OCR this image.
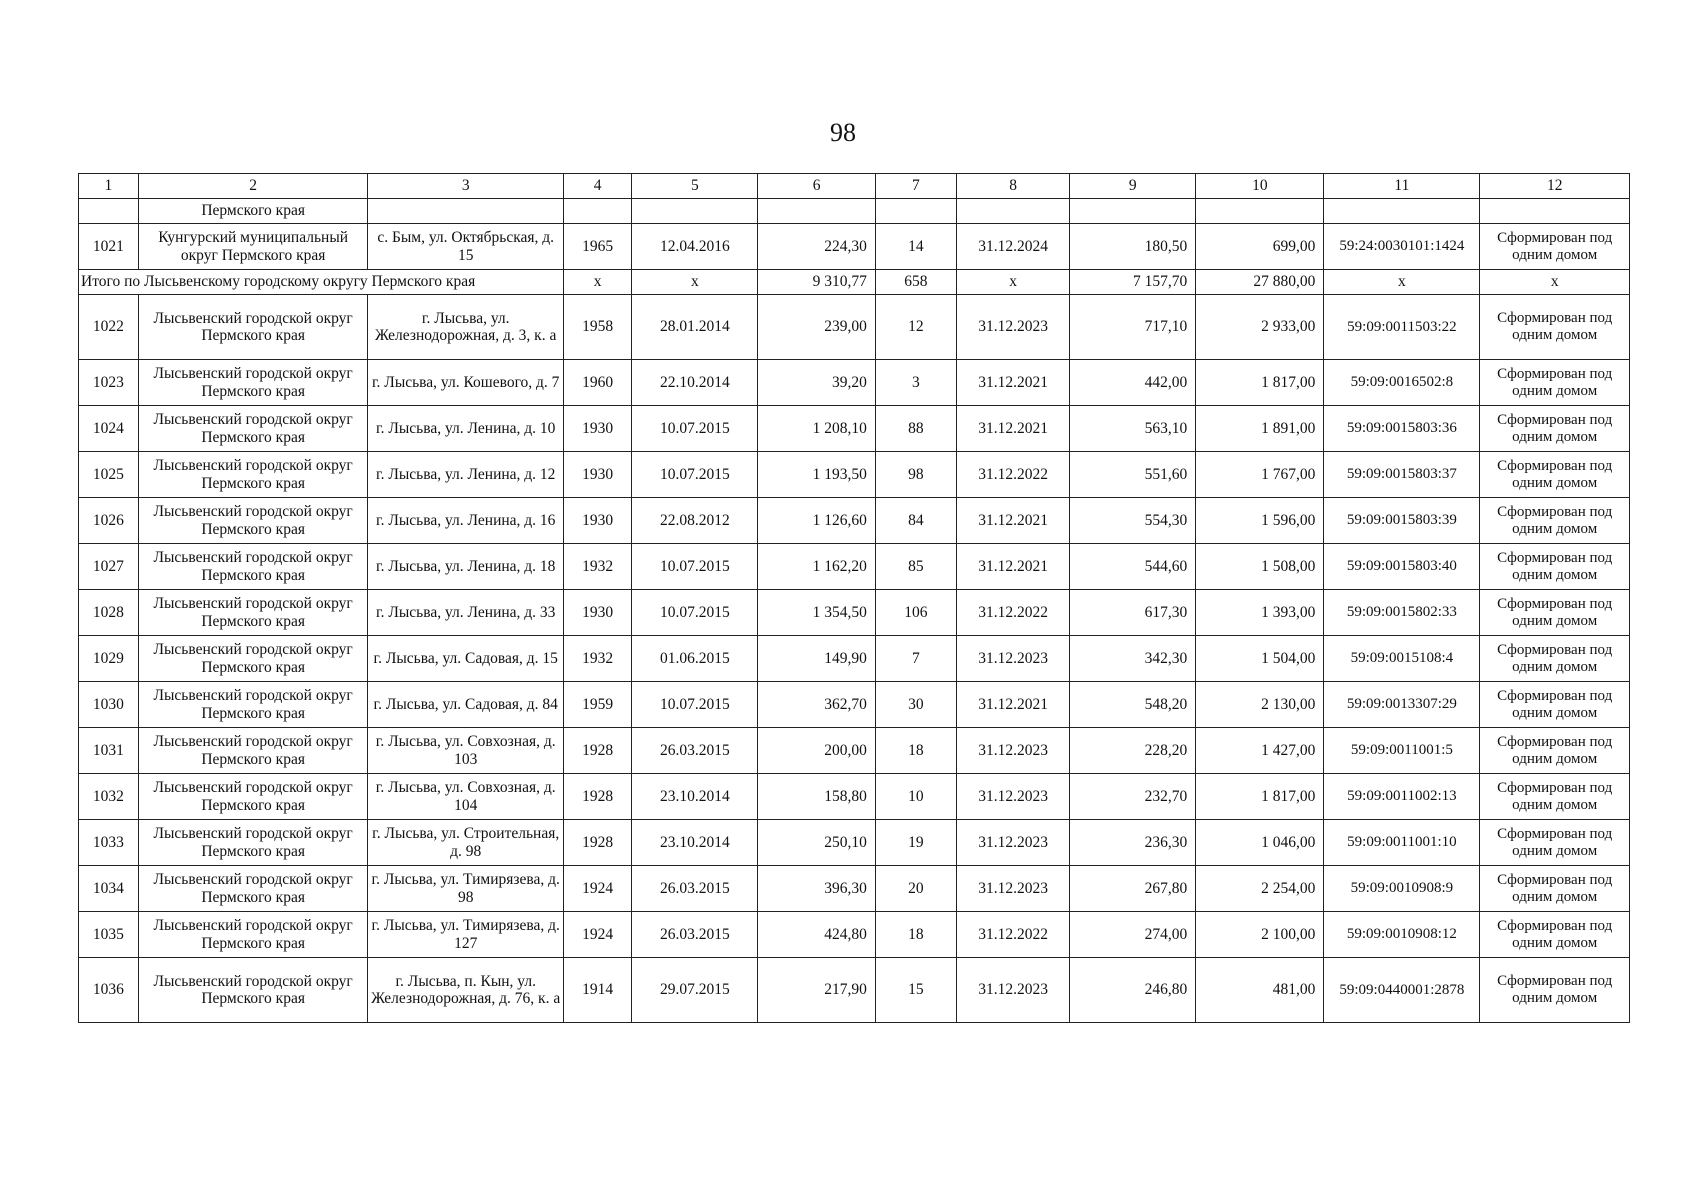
98
1	2	3	4	5	6	7	8	9	10	11	12
	Пермского края										
1021	Кунгурский муниципальный округ Пермского края	с. Бым, ул. Октябрьская, д. 15	1965	12.04.2016	224,30	14	31.12.2024	180,50	699,00	59:24:0030101:1424	Сформирован под одним домом
Итого по Лысьвенскому городскому округу Пермского края			х	х	9 310,77	658	х	7 157,70	27 880,00	х	х
1022	Лысьвенский городской округ Пермского края	г. Лысьва, ул. Железнодорожная, д. 3, к. а	1958	28.01.2014	239,00	12	31.12.2023	717,10	2 933,00	59:09:0011503:22	Сформирован под одним домом
1023	Лысьвенский городской округ Пермского края	г. Лысьва, ул. Кошевого, д. 7	1960	22.10.2014	39,20	3	31.12.2021	442,00	1 817,00	59:09:0016502:8	Сформирован под одним домом
1024	Лысьвенский городской округ Пермского края	г. Лысьва, ул. Ленина, д. 10	1930	10.07.2015	1 208,10	88	31.12.2021	563,10	1 891,00	59:09:0015803:36	Сформирован под одним домом
1025	Лысьвенский городской округ Пермского края	г. Лысьва, ул. Ленина, д. 12	1930	10.07.2015	1 193,50	98	31.12.2022	551,60	1 767,00	59:09:0015803:37	Сформирован под одним домом
1026	Лысьвенский городской округ Пермского края	г. Лысьва, ул. Ленина, д. 16	1930	22.08.2012	1 126,60	84	31.12.2021	554,30	1 596,00	59:09:0015803:39	Сформирован под одним домом
1027	Лысьвенский городской округ Пермского края	г. Лысьва, ул. Ленина, д. 18	1932	10.07.2015	1 162,20	85	31.12.2021	544,60	1 508,00	59:09:0015803:40	Сформирован под одним домом
1028	Лысьвенский городской округ Пермского края	г. Лысьва, ул. Ленина, д. 33	1930	10.07.2015	1 354,50	106	31.12.2022	617,30	1 393,00	59:09:0015802:33	Сформирован под одним домом
1029	Лысьвенский городской округ Пермского края	г. Лысьва, ул. Садовая, д. 15	1932	01.06.2015	149,90	7	31.12.2023	342,30	1 504,00	59:09:0015108:4	Сформирован под одним домом
1030	Лысьвенский городской округ Пермского края	г. Лысьва, ул. Садовая, д. 84	1959	10.07.2015	362,70	30	31.12.2021	548,20	2 130,00	59:09:0013307:29	Сформирован под одним домом
1031	Лысьвенский городской округ Пермского края	г. Лысьва, ул. Совхозная, д. 103	1928	26.03.2015	200,00	18	31.12.2023	228,20	1 427,00	59:09:0011001:5	Сформирован под одним домом
1032	Лысьвенский городской округ Пермского края	г. Лысьва, ул. Совхозная, д. 104	1928	23.10.2014	158,80	10	31.12.2023	232,70	1 817,00	59:09:0011002:13	Сформирован под одним домом
1033	Лысьвенский городской округ Пермского края	г. Лысьва, ул. Строительная, д. 98	1928	23.10.2014	250,10	19	31.12.2023	236,30	1 046,00	59:09:0011001:10	Сформирован под одним домом
1034	Лысьвенский городской округ Пермского края	г. Лысьва, ул. Тимирязева, д. 98	1924	26.03.2015	396,30	20	31.12.2023	267,80	2 254,00	59:09:0010908:9	Сформирован под одним домом
1035	Лысьвенский городской округ Пермского края	г. Лысьва, ул. Тимирязева, д. 127	1924	26.03.2015	424,80	18	31.12.2022	274,00	2 100,00	59:09:0010908:12	Сформирован под одним домом
1036	Лысьвенский городской округ Пермского края	г. Лысьва, п. Кын, ул. Железнодорожная, д. 76, к. а	1914	29.07.2015	217,90	15	31.12.2023	246,80	481,00	59:09:0440001:2878	Сформирован под одним домом
